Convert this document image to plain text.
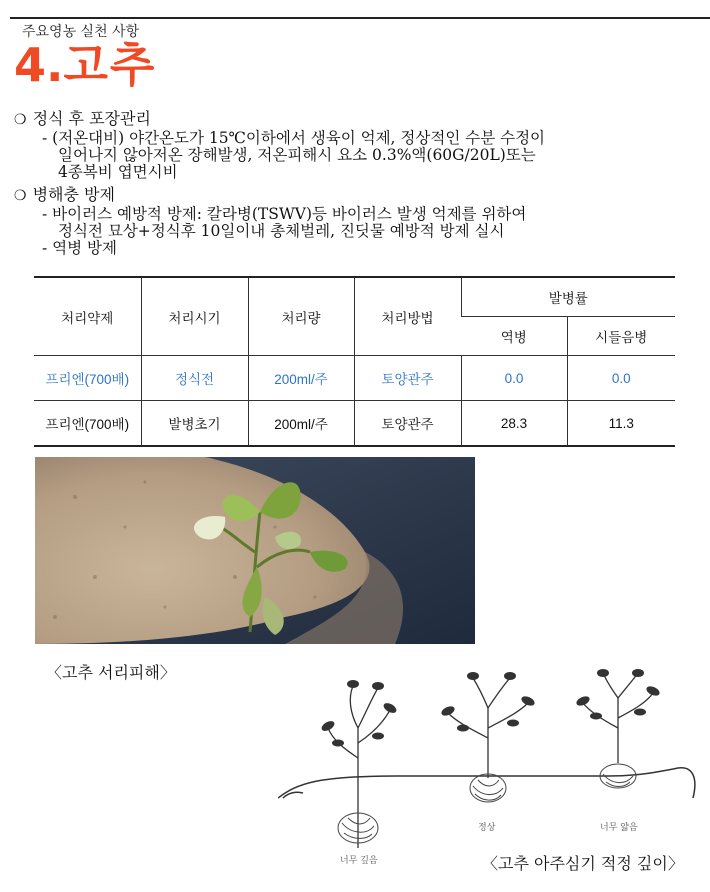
주요영농 실천 사항
4.고추
❍ 정식 후 포장관리
- (저온대비) 야간온도가 15℃이하에서 생육이 억제, 정상적인 수분 수정이
일어나지 않아저온 장해발생, 저온피해시 요소 0.3%액(60G/20L)또는
4종복비 엽면시비
❍ 병해충 방제
- 바이러스 예방적 방제: 칼라병(TSWV)등 바이러스 발생 억제를 위하여
정식전 묘상+정식후 10일이내 총체벌레, 진딧물 예방적 방제 실시
- 역병 방제
처리약제	처리시기	처리량	처리방법	발병률	
				역병	시들음병
프리엔(700배)	정식전	200ml/주	토양관주	0.0	0.0
프리엔(700배)	발병초기	200ml/주	토양관주	28.3	11.3
〈고추 서리피해〉
너무 깊음
정상	너무 얇음
〈고추 아주심기 적정 깊이〉
